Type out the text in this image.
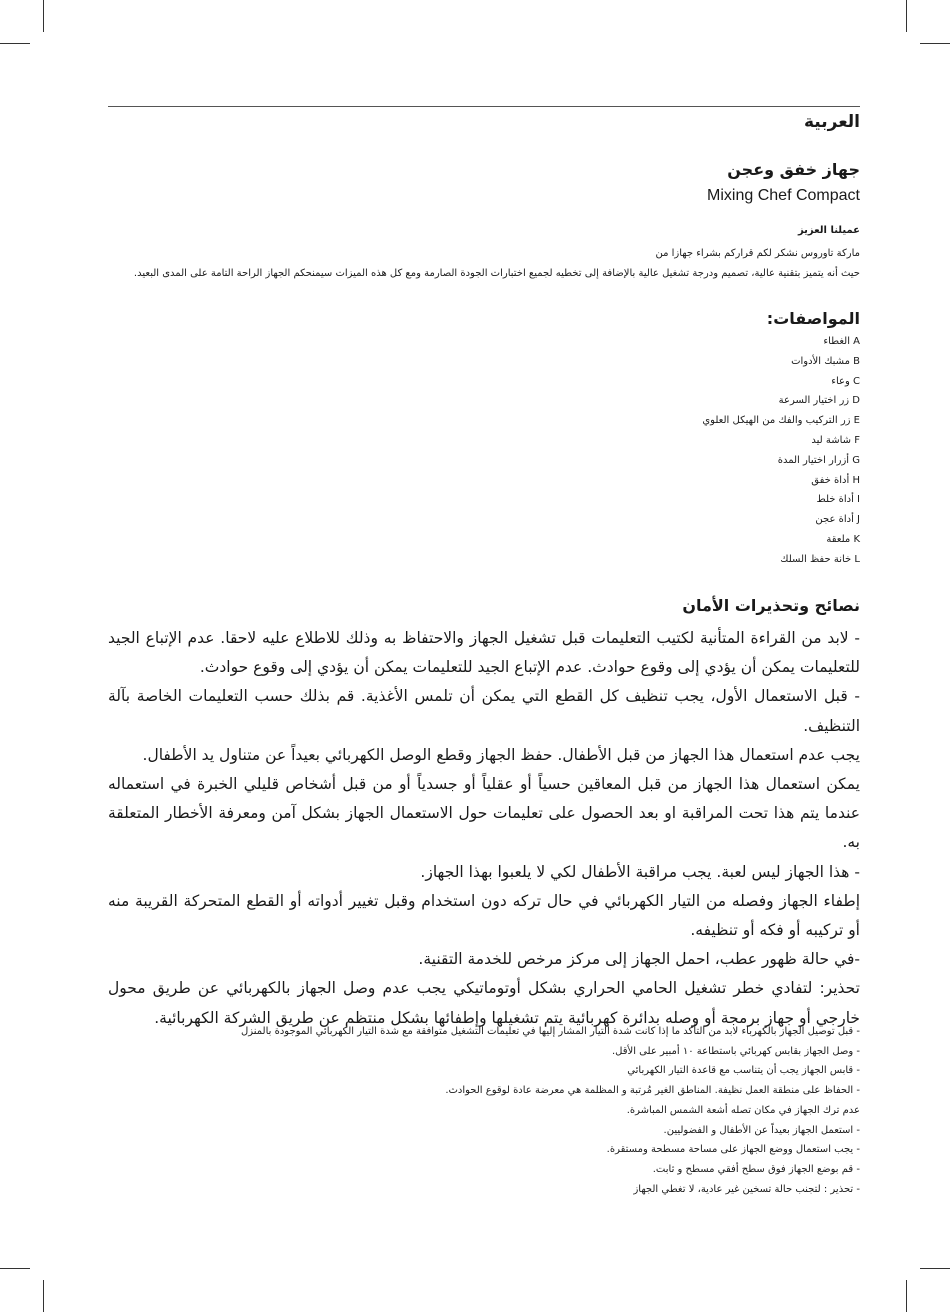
العربية
جهاز خفق وعجن

Mixing Chef Compact

عميلنا العزيز

ماركة تاوروس نشكر لكم قراركم بشراء جهازا من
حيث أنه يتميز بتقنية عالية، تصميم ودرجة تشغيل عالية بالإضافة إلى تخطيه لجميع اختبارات الجودة الصارمة ومع كل هذه الميزات سيمنحكم الجهاز الراحة التامة على المدى البعيد.
المواصفات:
A الغطاء
B مشبك الأدوات
C وعاء
D زر اختيار السرعة
E زر التركيب والفك من الهيكل العلوي
F شاشة ليد
G أزرار اختيار المدة
H أداة خفق
I أداة خلط
J أداة عجن
K ملعقة
L خانة حفظ السلك
نصائح وتحذيرات الأمان
- لابد من القراءة المتأنية لكتيب التعليمات قبل تشغيل الجهاز والاحتفاظ به وذلك للاطلاع عليه لاحقا. عدم الإتباع الجيد للتعليمات يمكن أن يؤدي إلى وقوع حوادث. عدم الإتباع الجيد للتعليمات يمكن أن يؤدي إلى وقوع حوادث.
- قبل الاستعمال الأول، يجب تنظيف كل القطع التي يمكن أن تلمس الأغذية. قم بذلك حسب التعليمات الخاصة بآلة التنظيف.
يجب عدم استعمال هذا الجهاز من قبل الأطفال. حفظ الجهاز وقطع الوصل الكهربائي بعيداً عن متناول يد الأطفال.
يمكن استعمال هذا الجهاز من قبل المعاقين حسياً أو عقلياً أو جسدياً أو من قبل أشخاص قليلي الخبرة في استعماله عندما يتم هذا تحت المراقبة او بعد الحصول على تعليمات حول الاستعمال الجهاز بشكل آمن ومعرفة الأخطار المتعلقة به.
- هذا الجهاز ليس لعبة. يجب مراقبة الأطفال لكي لا يلعبوا بهذا الجهاز.
إطفاء الجهاز وفصله من التيار الكهربائي في حال تركه دون استخدام وقبل تغيير أدواته أو القطع المتحركة القريبة منه أو تركيبه أو فكه أو تنظيفه.
-في حالة ظهور عطب، احمل الجهاز إلى مركز مرخص للخدمة التقنية.
تحذير: لتفادي خطر تشغيل الحامي الحراري بشكل أوتوماتيكي يجب عدم وصل الجهاز بالكهربائي عن طريق محول خارجي أو جهاز برمجة أو وصله بدائرة كهربائية يتم تشغيلها وإطفائها بشكل منتظم عن طريق الشركة الكهربائية.
- قبل توصيل الجهاز بالكهرباء لابد من التأكد ما إذا كانت شدة التيار المشار إليها في تعليمات التشغيل متوافقة مع شدة التيار الكهربائي الموجودة بالمنزل
- وصل الجهاز بقابس كهربائي باستطاعة ١٠ أمبير على الأقل.
- قابس الجهاز يجب أن يتناسب مع قاعدة التيار الكهربائي
- الحفاظ على منطقة العمل نظيفة. المناطق الغير مُرتبة و المظلمة هي معرضة عادة لوقوع الحوادث.
عدم ترك الجهاز في مكان تصله أشعة الشمس المباشرة.
- استعمل الجهاز بعيداً عن الأطفال و الفضوليين.
- يجب استعمال ووضع الجهاز على مساحة مسطحة ومستقرة.
- قم بوضع الجهاز فوق سطح أفقي مسطح و ثابت.
- تحذير : لتجنب حالة تسخين غير عادية، لا تغطي الجهاز
